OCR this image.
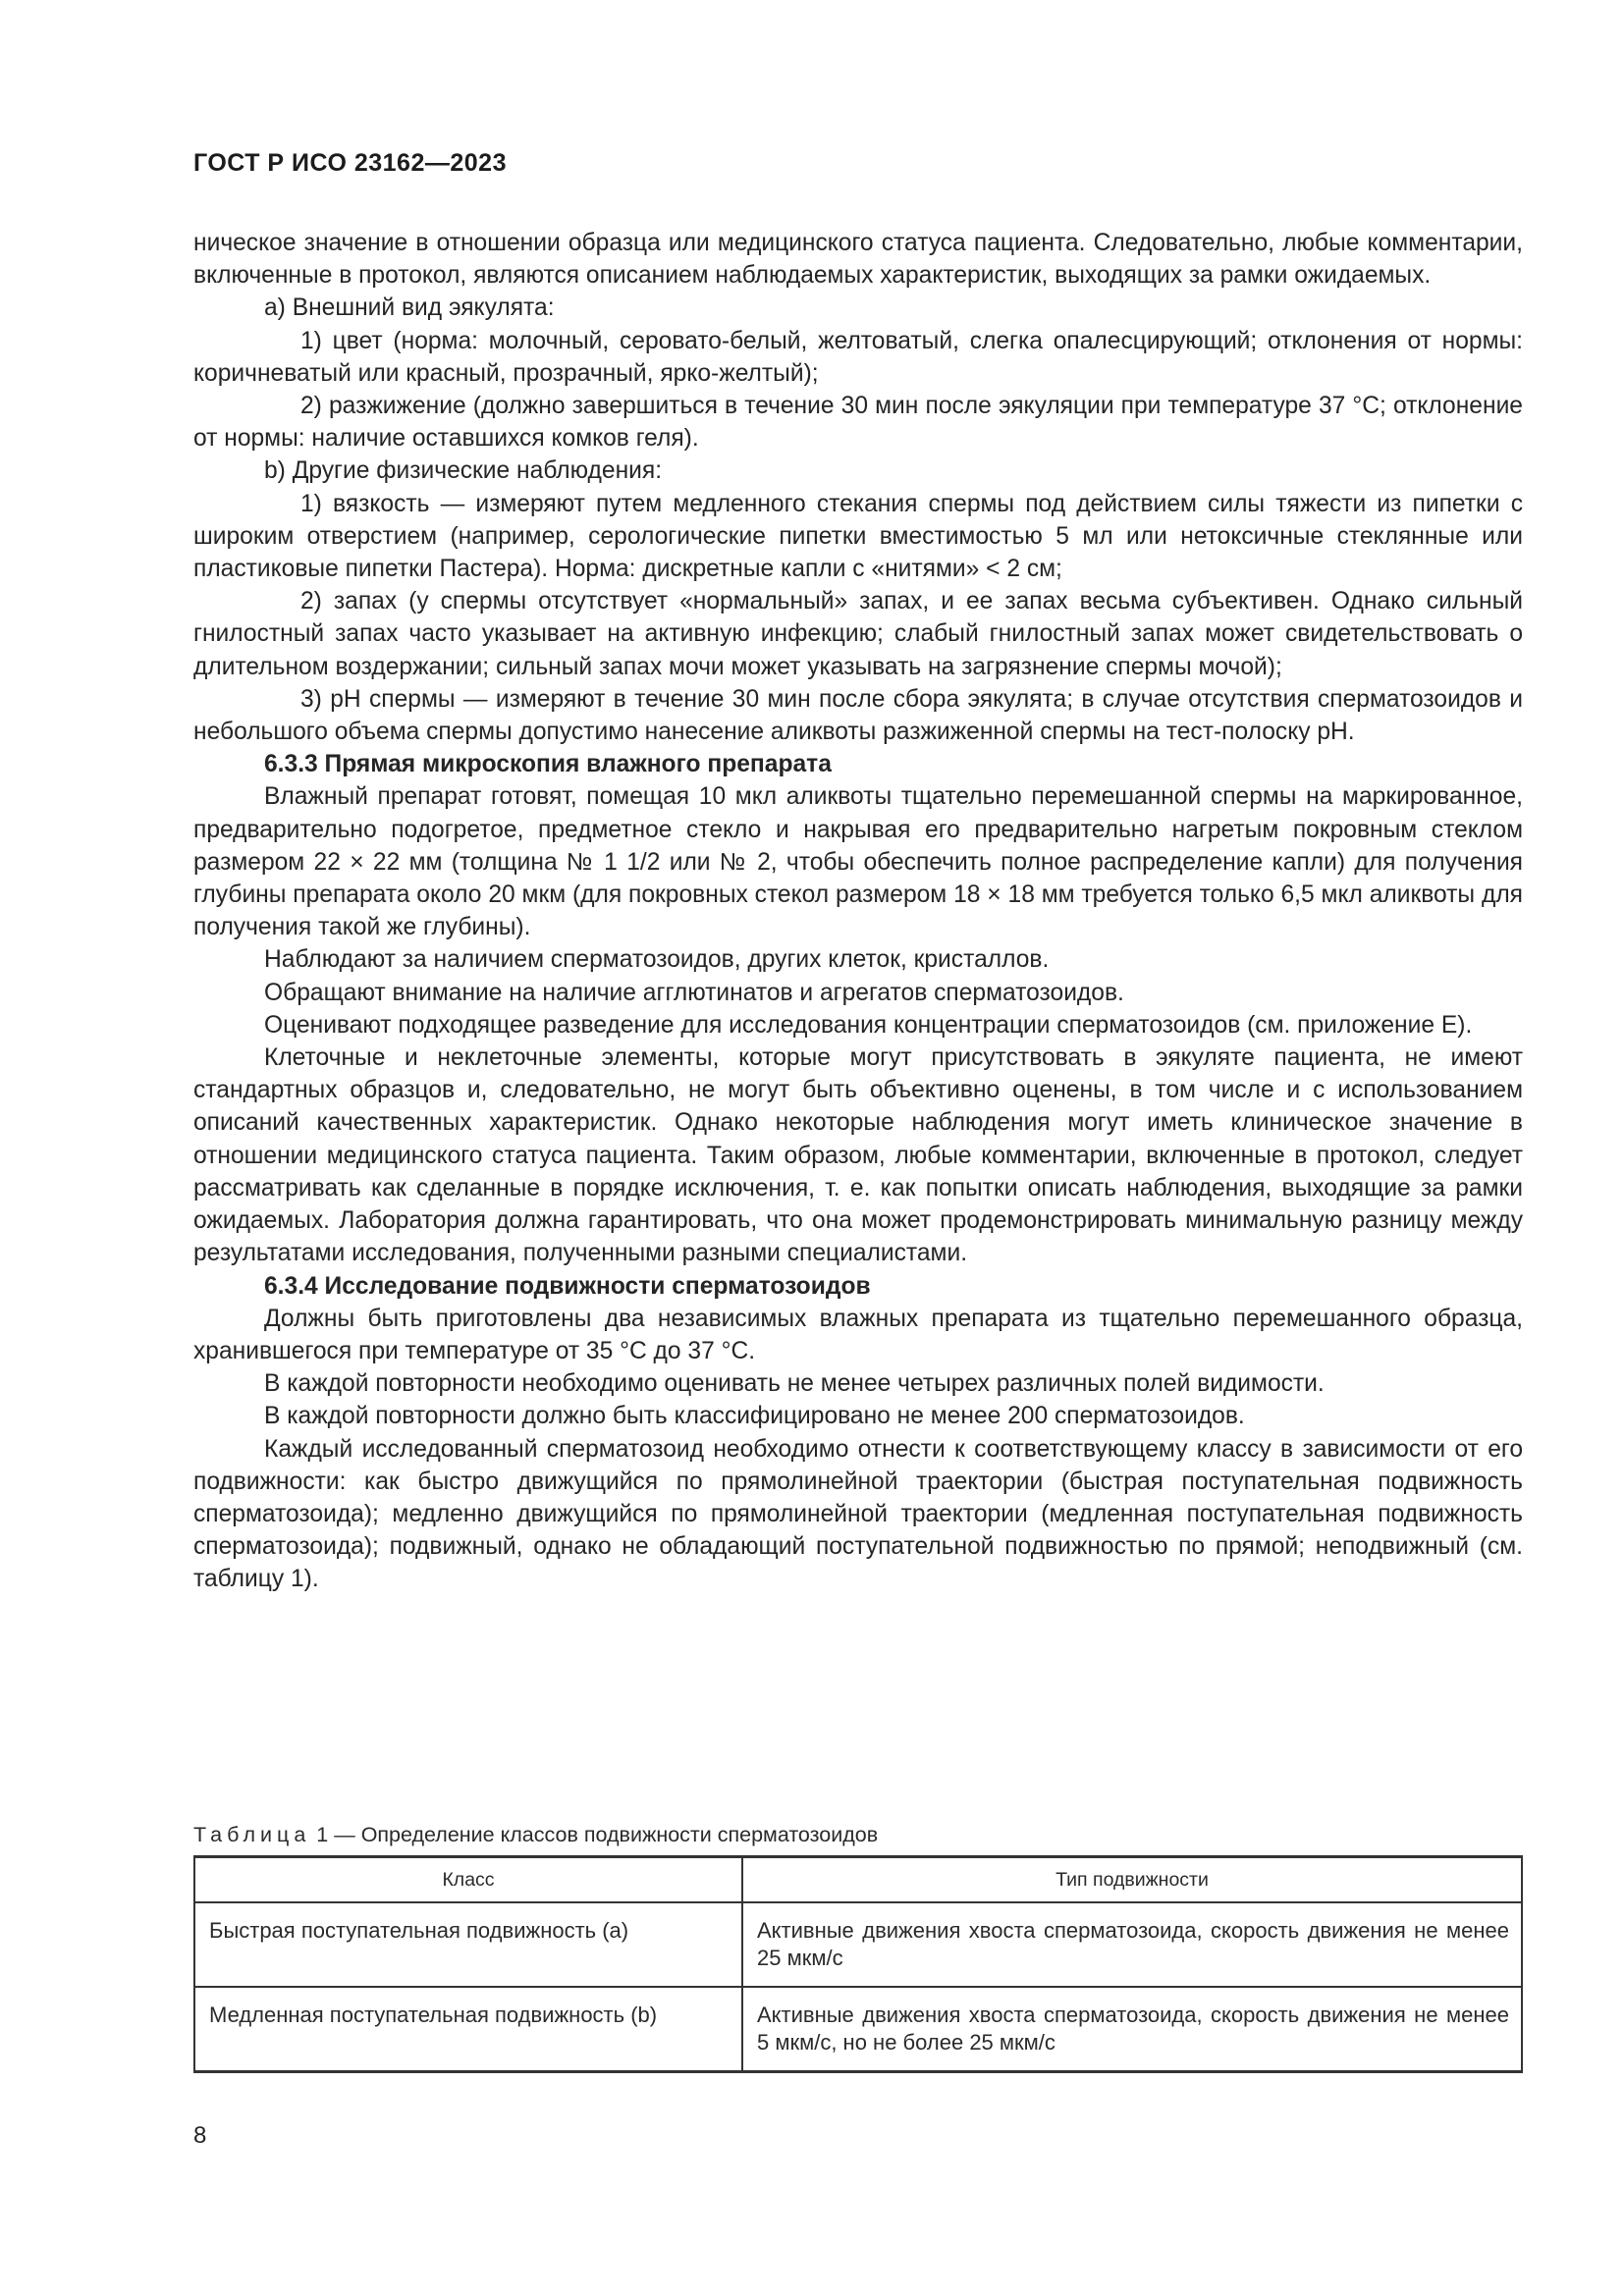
ГОСТ Р ИСО 23162—2023

ническое значение в отношении образца или медицинского статуса пациента. Следовательно, любые комментарии, включенные в протокол, являются описанием наблюдаемых характеристик, выходящих за рамки ожидаемых.

a) Внешний вид эякулята:

1) цвет (норма: молочный, серовато-белый, желтоватый, слегка опалесцирующий; отклонения от нормы: коричневатый или красный, прозрачный, ярко-желтый);

2) разжижение (должно завершиться в течение 30 мин после эякуляции при температуре 37 °С; отклонение от нормы: наличие оставшихся комков геля).

b) Другие физические наблюдения:

1) вязкость — измеряют путем медленного стекания спермы под действием силы тяжести из пипетки с широким отверстием (например, серологические пипетки вместимостью 5 мл или нетоксичные стеклянные или пластиковые пипетки Пастера). Норма: дискретные капли с «нитями» < 2 см;

2) запах (у спермы отсутствует «нормальный» запах, и ее запах весьма субъективен. Однако сильный гнилостный запах часто указывает на активную инфекцию; слабый гнилостный запах может свидетельствовать о длительном воздержании; сильный запах мочи может указывать на загрязнение спермы мочой);

3) pH спермы — измеряют в течение 30 мин после сбора эякулята; в случае отсутствия сперматозоидов и небольшого объема спермы допустимо нанесение аликвоты разжиженной спермы на тест-полоску pH.

6.3.3 Прямая микроскопия влажного препарата

Влажный препарат готовят, помещая 10 мкл аликвоты тщательно перемешанной спермы на маркированное, предварительно подогретое, предметное стекло и накрывая его предварительно нагретым покровным стеклом размером 22 × 22 мм (толщина № 1 1/2 или № 2, чтобы обеспечить полное распределение капли) для получения глубины препарата около 20 мкм (для покровных стекол размером 18 × 18 мм требуется только 6,5 мкл аликвоты для получения такой же глубины).

Наблюдают за наличием сперматозоидов, других клеток, кристаллов.

Обращают внимание на наличие агглютинатов и агрегатов сперматозоидов.

Оценивают подходящее разведение для исследования концентрации сперматозоидов (см. приложение Е).

Клеточные и неклеточные элементы, которые могут присутствовать в эякуляте пациента, не имеют стандартных образцов и, следовательно, не могут быть объективно оценены, в том числе и с использованием описаний качественных характеристик. Однако некоторые наблюдения могут иметь клиническое значение в отношении медицинского статуса пациента. Таким образом, любые комментарии, включенные в протокол, следует рассматривать как сделанные в порядке исключения, т. е. как попытки описать наблюдения, выходящие за рамки ожидаемых. Лаборатория должна гарантировать, что она может продемонстрировать минимальную разницу между результатами исследования, полученными разными специалистами.

6.3.4 Исследование подвижности сперматозоидов

Должны быть приготовлены два независимых влажных препарата из тщательно перемешанного образца, хранившегося при температуре от 35 °С до 37 °С.

В каждой повторности необходимо оценивать не менее четырех различных полей видимости.

В каждой повторности должно быть классифицировано не менее 200 сперматозоидов.

Каждый исследованный сперматозоид необходимо отнести к соответствующему классу в зависимости от его подвижности: как быстро движущийся по прямолинейной траектории (быстрая поступательная подвижность сперматозоида); медленно движущийся по прямолинейной траектории (медленная поступательная подвижность сперматозоида); подвижный, однако не обладающий поступательной подвижностью по прямой; неподвижный (см. таблицу 1).

Таблица 1 — Определение классов подвижности сперматозоидов
Класс	Тип подвижности
Быстрая поступательная подвижность (а)	Активные движения хвоста сперматозоида, скорость движения не менее 25 мкм/с
Медленная поступательная подвижность (b)	Активные движения хвоста сперматозоида, скорость движения не менее 5 мкм/с, но не более 25 мкм/с
8
